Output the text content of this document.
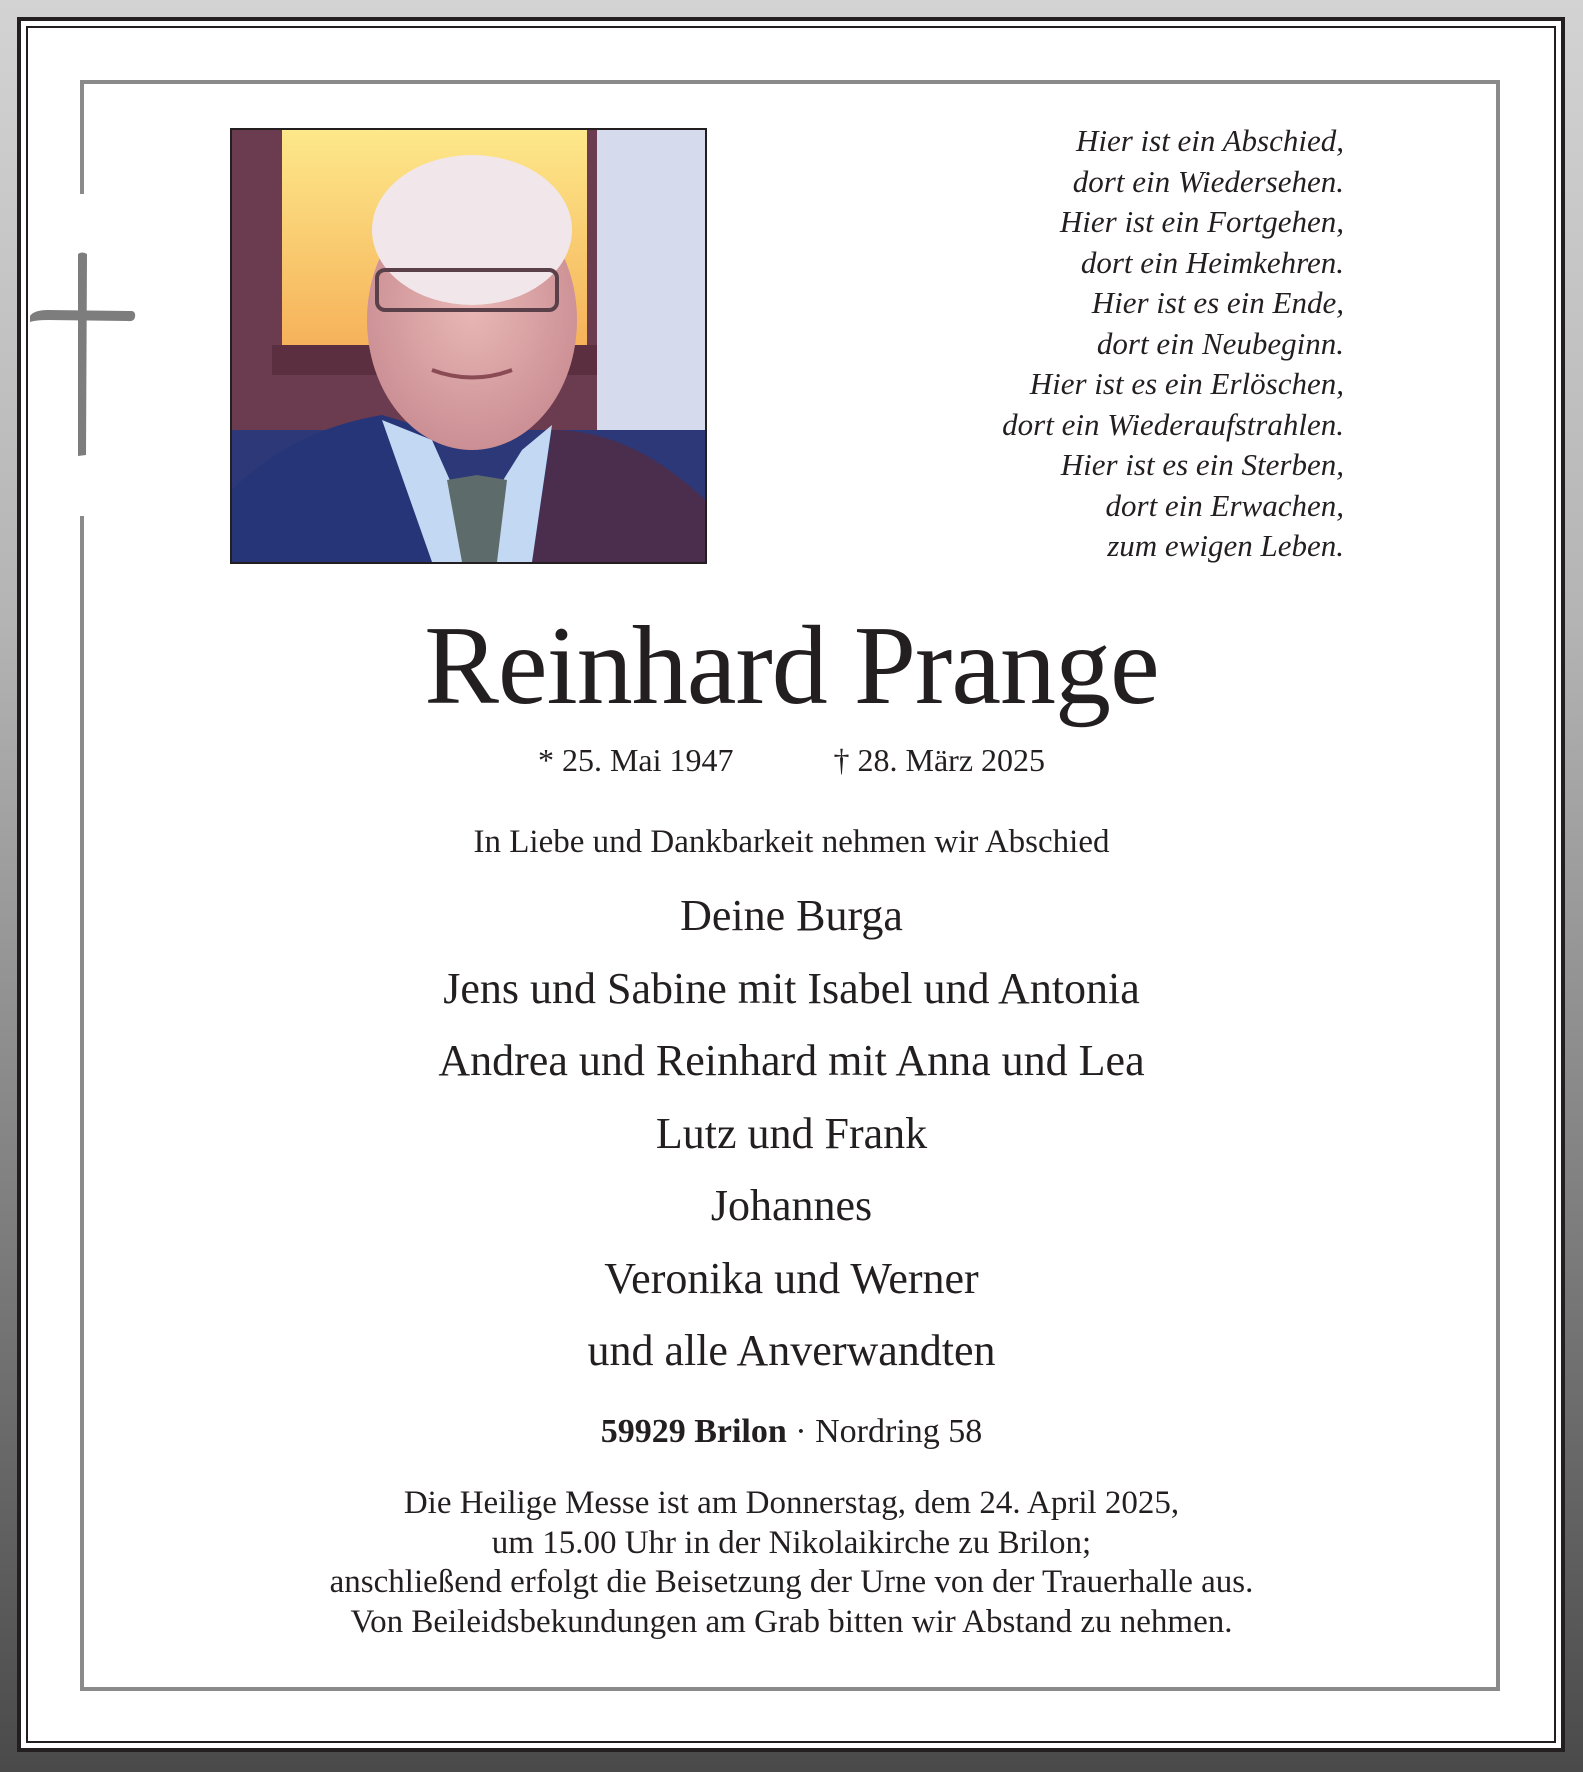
Hier ist ein Abschied,
dort ein Wiedersehen.
Hier ist ein Fortgehen,
dort ein Heimkehren.
Hier ist es ein Ende,
dort ein Neubeginn.
Hier ist es ein Erlöschen,
dort ein Wiederaufstrahlen.
Hier ist es ein Sterben,
dort ein Erwachen,
zum ewigen Leben.
Reinhard Prange
* 25. Mai 1947	† 28. März 2025
In Liebe und Dankbarkeit nehmen wir Abschied
Deine Burga
Jens und Sabine mit Isabel und Antonia
Andrea und Reinhard mit Anna und Lea
Lutz und Frank
Johannes
Veronika und Werner
und alle Anverwandten
59929 Brilon · Nordring 58
Die Heilige Messe ist am Donnerstag, dem 24. April 2025,
um 15.00 Uhr in der Nikolaikirche zu Brilon;
anschließend erfolgt die Beisetzung der Urne von der Trauerhalle aus.
Von Beileidsbekundungen am Grab bitten wir Abstand zu nehmen.
